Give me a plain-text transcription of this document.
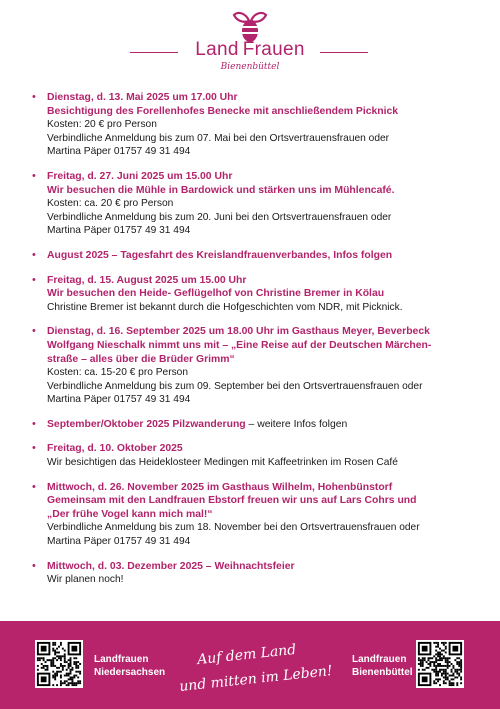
Land Frauen
Bienenbüttel
• Dienstag, d. 13. Mai 2025 um 17.00 Uhr
Besichtigung des Forellenhofes Benecke mit anschließendem Picknick
Kosten: 20 € pro Person
Verbindliche Anmeldung bis zum 07. Mai bei den Ortsvertrauensfrauen oder
Martina Päper 01757 49 31 494
• Freitag, d. 27. Juni 2025 um 15.00 Uhr
Wir besuchen die Mühle in Bardowick und stärken uns im Mühlencafé.
Kosten: ca. 20 € pro Person
Verbindliche Anmeldung bis zum 20. Juni bei den Ortsvertrauensfrauen oder
Martina Päper 01757 49 31 494
• August 2025 – Tagesfahrt des Kreislandfrauenverbandes, Infos folgen
• Freitag, d. 15. August 2025 um 15.00 Uhr
Wir besuchen den Heide- Geflügelhof von Christine Bremer in Kölau
Christine Bremer ist bekannt durch die Hofgeschichten vom NDR, mit Picknick.
• Dienstag, d. 16. September 2025 um 18.00 Uhr im Gasthaus Meyer, Beverbeck
Wolfgang Nieschalk nimmt uns mit – „Eine Reise auf der Deutschen Märchen-
straße – alles über die Brüder Grimm“
Kosten: ca. 15-20 € pro Person
Verbindliche Anmeldung bis zum 09. September bei den Ortsvertrauensfrauen oder
Martina Päper 01757 49 31 494
• September/Oktober 2025 Pilzwanderung – weitere Infos folgen
• Freitag, d. 10. Oktober 2025
Wir besichtigen das Heideklosteer Medingen mit Kaffeetrinken im Rosen Café
• Mittwoch, d. 26. November 2025 im Gasthaus Wilhelm, Hohenbünstorf
Gemeinsam mit den Landfrauen Ebstorf freuen wir uns auf Lars Cohrs und
„Der frühe Vogel kann mich mal!“
Verbindliche Anmeldung bis zum 18. November bei den Ortsvertrauensfrauen oder
Martina Päper 01757 49 31 494
• Mittwoch, d. 03. Dezember 2025 – Weihnachtsfeier
Wir planen noch!
Landfrauen
Niedersachsen
Auf dem Land
und mitten im Leben!
Landfrauen
Bienenbüttel
